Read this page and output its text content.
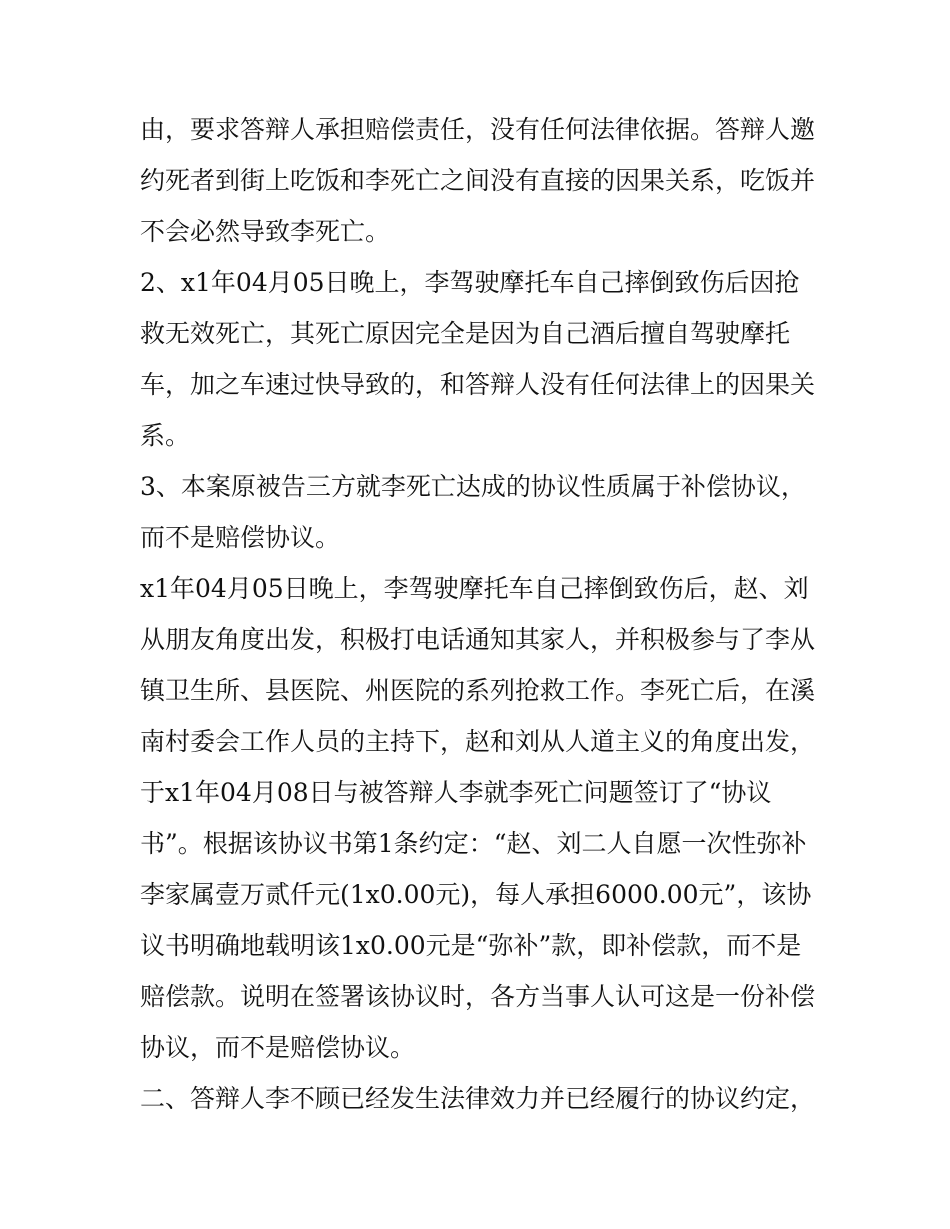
由，要求答辩人承担赔偿责任，没有任何法律依据。答辩人邀约死者到街上吃饭和李死亡之间没有直接的因果关系，吃饭并不会必然导致李死亡。

2、x1年04月05日晚上，李驾驶摩托车自己摔倒致伤后因抢救无效死亡，其死亡原因完全是因为自己酒后擅自驾驶摩托车，加之车速过快导致的，和答辩人没有任何法律上的因果关系。

3、本案原被告三方就李死亡达成的协议性质属于补偿协议，而不是赔偿协议。

x1年04月05日晚上，李驾驶摩托车自己摔倒致伤后，赵、刘从朋友角度出发，积极打电话通知其家人，并积极参与了李从镇卫生所、县医院、州医院的系列抢救工作。李死亡后，在溪南村委会工作人员的主持下，赵和刘从人道主义的角度出发，于x1年04月08日与被答辩人李就李死亡问题签订了“协议书”。根据该协议书第1条约定：“赵、刘二人自愿一次性弥补李家属壹万贰仟元(1x0.00元)，每人承担6000.00元”，该协议书明确地载明该1x0.00元是“弥补”款，即补偿款，而不是赔偿款。说明在签署该协议时，各方当事人认可这是一份补偿协议，而不是赔偿协议。

二、答辩人李不顾已经发生法律效力并已经履行的协议约定，
